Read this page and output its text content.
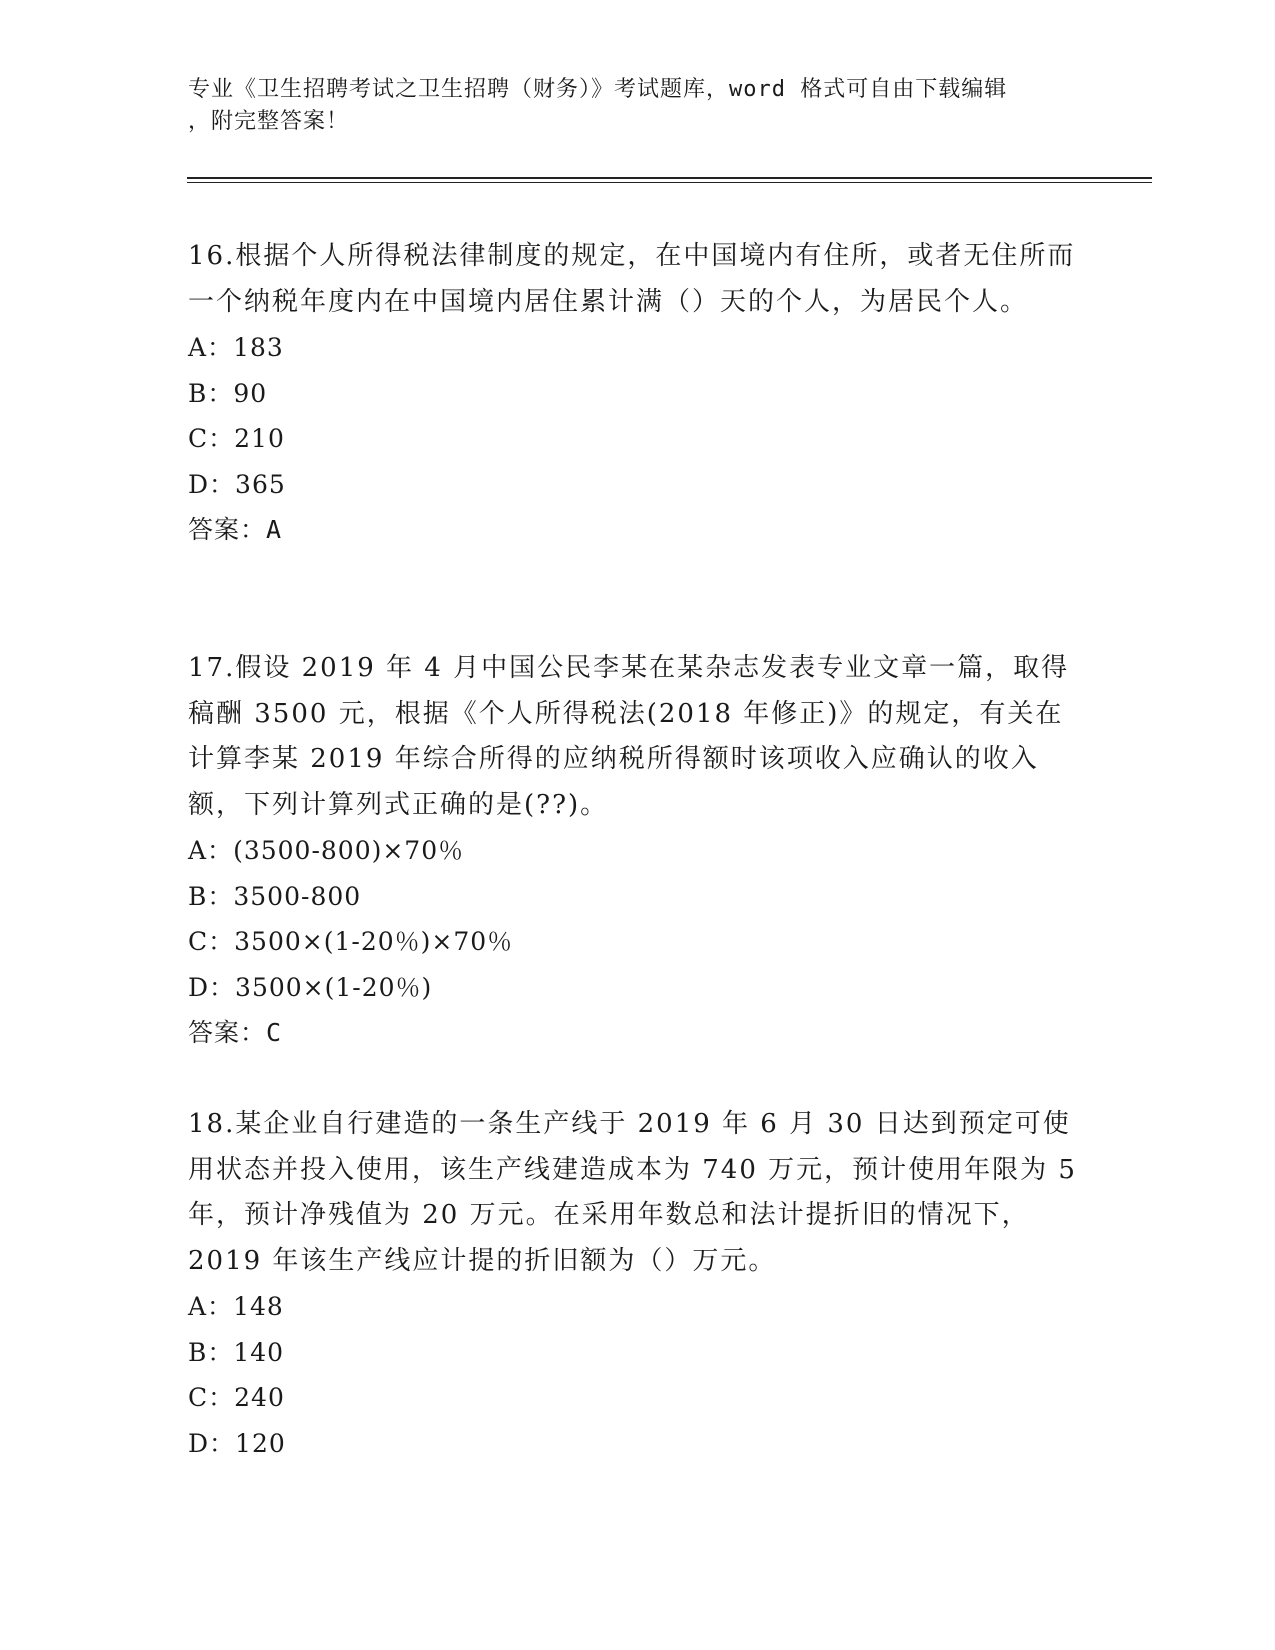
专业《卫生招聘考试之卫生招聘（财务）》考试题库，word 格式可自由下载编辑
，附完整答案！

16.根据个人所得税法律制度的规定，在中国境内有住所，或者无住所而一个纳税年度内在中国境内居住累计满（）天的个人，为居民个人。

A：183
B：90
C：210
D：365

答案：A

17.假设 2019 年 4 月中国公民李某在某杂志发表专业文章一篇，取得稿酬 3500 元，根据《个人所得税法(2018 年修正)》的规定，有关在计算李某 2019 年综合所得的应纳税所得额时该项收入应确认的收入额，下列计算列式正确的是(??)。

A：(3500-800)×70％
B：3500-800
C：3500×(1-20％)×70％
D：3500×(1-20％)

答案：C

18.某企业自行建造的一条生产线于 2019 年 6 月 30 日达到预定可使用状态并投入使用，该生产线建造成本为 740 万元，预计使用年限为 5 年，预计净残值为 20 万元。在采用年数总和法计提折旧的情况下，2019 年该生产线应计提的折旧额为（）万元。

A：148
B：140
C：240
D：120
